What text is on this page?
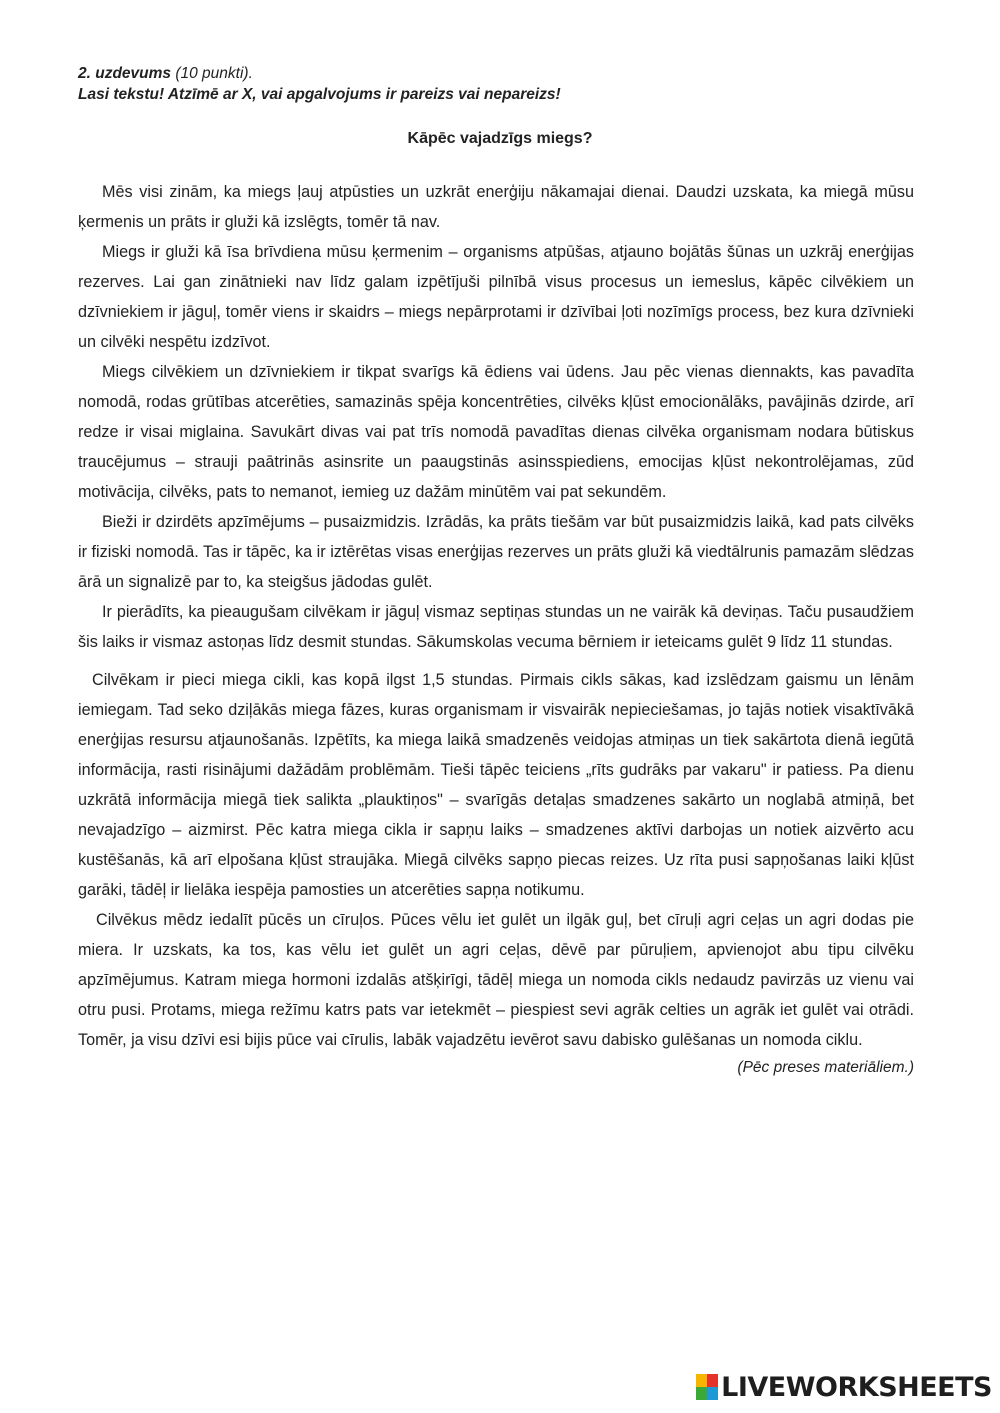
2. uzdevums (10 punkti).

Lasi tekstu! Atzīmē ar X, vai apgalvojums ir pareizs vai nepareizs!

Kāpēc vajadzīgs miegs?

Mēs visi zinām, ka miegs ļauj atpūsties un uzkrāt enerģiju nākamajai dienai. Daudzi uzskata, ka miegā mūsu ķermenis un prāts ir gluži kā izslēgts, tomēr tā nav.

Miegs ir gluži kā īsa brīvdiena mūsu ķermenim – organisms atpūšas, atjauno bojātās šūnas un uzkrāj enerģijas rezerves. Lai gan zinātnieki nav līdz galam izpētījuši pilnībā visus procesus un iemeslus, kāpēc cilvēkiem un dzīvniekiem ir jāguļ, tomēr viens ir skaidrs – miegs nepārprotami ir dzīvībai ļoti nozīmīgs process, bez kura dzīvnieki un cilvēki nespētu izdzīvot.

Miegs cilvēkiem un dzīvniekiem ir tikpat svarīgs kā ēdiens vai ūdens. Jau pēc vienas diennakts, kas pavadīta nomodā, rodas grūtības atcerēties, samazinās spēja koncentrēties, cilvēks kļūst emocionālāks, pavājinās dzirde, arī redze ir visai miglaina. Savukārt divas vai pat trīs nomodā pavadītas dienas cilvēka organismam nodara būtiskus traucējumus – strauji paātrinās asinsrite un paaugstinās asinsspiediens, emocijas kļūst nekontrolējamas, zūd motivācija, cilvēks, pats to nemanot, iemieg uz dažām minūtēm vai pat sekundēm.

Bieži ir dzirdēts apzīmējums – pusaizmidzis. Izrādās, ka prāts tiešām var būt pusaizmidzis laikā, kad pats cilvēks ir fiziski nomodā. Tas ir tāpēc, ka ir iztērētas visas enerģijas rezerves un prāts gluži kā viedtālrunis pamazām slēdzas ārā un signalizē par to, ka steigšus jādodas gulēt.

Ir pierādīts, ka pieaugušam cilvēkam ir jāguļ vismaz septiņas stundas un ne vairāk kā deviņas. Taču pusaudžiem šis laiks ir vismaz astoņas līdz desmit stundas. Sākumskolas vecuma bērniem ir ieteicams gulēt 9 līdz 11 stundas.

Cilvēkam ir pieci miega cikli, kas kopā ilgst 1,5 stundas. Pirmais cikls sākas, kad izslēdzam gaismu un lēnām iemiegam. Tad seko dziļākās miega fāzes, kuras organismam ir visvairāk nepieciešamas, jo tajās notiek visaktīvākā enerģijas resursu atjaunošanās. Izpētīts, ka miega laikā smadzenēs veidojas atmiņas un tiek sakārtota dienā iegūtā informācija, rasti risinājumi dažādām problēmām. Tieši tāpēc teiciens „rīts gudrāks par vakaru" ir patiess. Pa dienu uzkrātā informācija miegā tiek salikta „plauktiņos" – svarīgās detaļas smadzenes sakārto un noglabā atmiņā, bet nevajadzīgo – aizmirst. Pēc katra miega cikla ir sapņu laiks – smadzenes aktīvi darbojas un notiek aizvērto acu kustēšanās, kā arī elpošana kļūst straujāka. Miegā cilvēks sapņo piecas reizes. Uz rīta pusi sapņošanas laiki kļūst garāki, tādēļ ir lielāka iespēja pamosties un atcerēties sapņa notikumu.

Cilvēkus mēdz iedalīt pūcēs un cīruļos. Pūces vēlu iet gulēt un ilgāk guļ, bet cīruļi agri ceļas un agri dodas pie miera. Ir uzskats, ka tos, kas vēlu iet gulēt un agri ceļas, dēvē par pūruļiem, apvienojot abu tipu cilvēku apzīmējumus. Katram miega hormoni izdalās atšķirīgi, tādēļ miega un nomoda cikls nedaudz pavirzās uz vienu vai otru pusi. Protams, miega režīmu katrs pats var ietekmēt – piespiest sevi agrāk celties un agrāk iet gulēt vai otrādi. Tomēr, ja visu dzīvi esi bijis pūce vai cīrulis, labāk vajadzētu ievērot savu dabisko gulēšanas un nomoda ciklu.

(Pēc preses materiāliem.)

LIVEWORKSHEETS
